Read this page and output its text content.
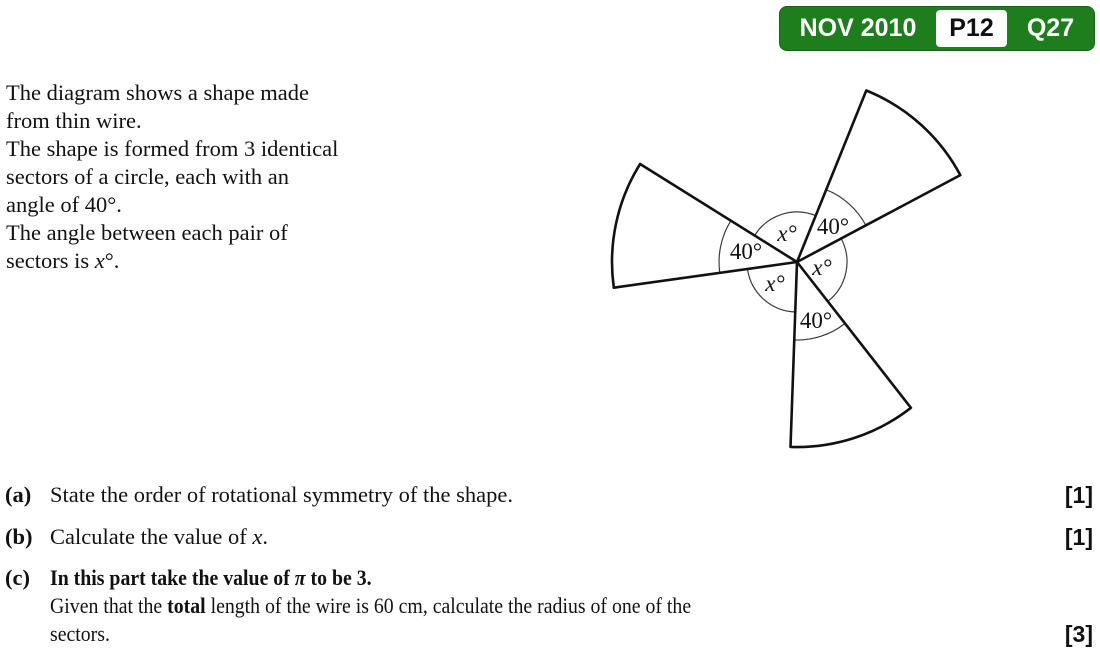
NOV 2010	P12	Q27
The diagram shows a shape made
from thin wire.
The shape is formed from 3 identical
sectors of a circle, each with an
angle of 40°.
The angle between each pair of
sectors is x°.	40°
40°
40°
x°
x°
x°
(a) State the order of rotational symmetry of the shape.	[1]
(b) Calculate the value of x.	[1]
(c) In this part take the value of π to be 3.
Given that the total length of the wire is 60 cm, calculate the radius of one of the
sectors.	[3]
